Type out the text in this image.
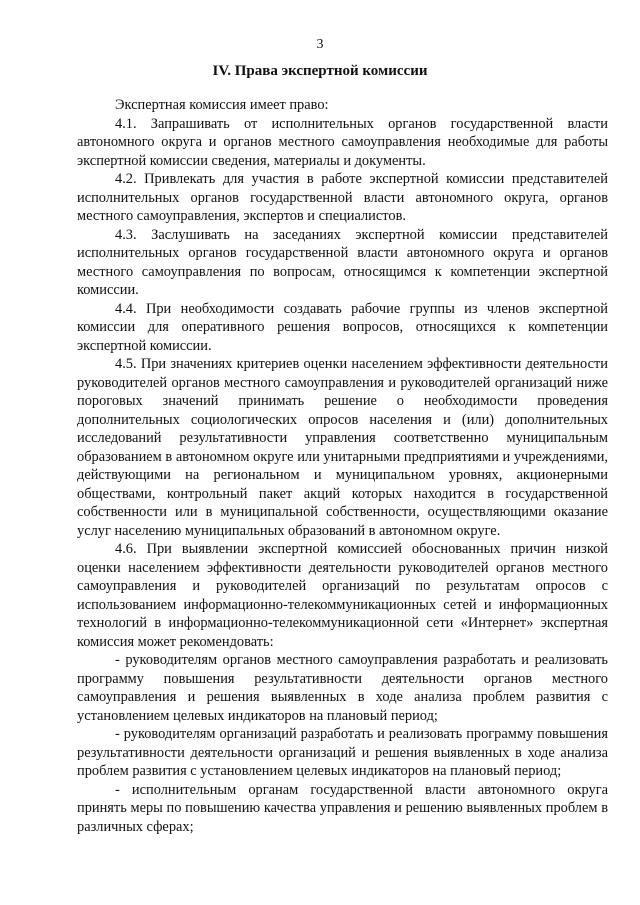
3
IV. Права экспертной комиссии

Экспертная комиссия имеет право:

4.1. Запрашивать от исполнительных органов государственной власти автономного округа и органов местного самоуправления необходимые для работы экспертной комиссии сведения, материалы и документы.

4.2. Привлекать для участия в работе экспертной комиссии представителей исполнительных органов государственной власти автономного округа, органов местного самоуправления, экспертов и специалистов.

4.3. Заслушивать на заседаниях экспертной комиссии представителей исполнительных органов государственной власти автономного округа и органов местного самоуправления по вопросам, относящимся к компетенции экспертной комиссии.

4.4. При необходимости создавать рабочие группы из членов экспертной комиссии для оперативного решения вопросов, относящихся к компетенции экспертной комиссии.

4.5. При значениях критериев оценки населением эффективности деятельности руководителей органов местного самоуправления и руководителей организаций ниже пороговых значений принимать решение о необходимости проведения дополнительных социологических опросов населения и (или) дополнительных исследований результативности управления соответственно муниципальным образованием в автономном округе или унитарными предприятиями и учреждениями, действующими на региональном и муниципальном уровнях, акционерными обществами, контрольный пакет акций которых находится в государственной собственности или в муниципальной собственности, осуществляющими оказание услуг населению муниципальных образований в автономном округе.

4.6. При выявлении экспертной комиссией обоснованных причин низкой оценки населением эффективности деятельности руководителей органов местного самоуправления и руководителей организаций по результатам опросов с использованием информационно-телекоммуникационных сетей и информационных технологий в информационно-телекоммуникационной сети «Интернет» экспертная комиссия может рекомендовать:

- руководителям органов местного самоуправления разработать и реализовать программу повышения результативности деятельности органов местного самоуправления и решения выявленных в ходе анализа проблем развития с установлением целевых индикаторов на плановый период;

- руководителям организаций разработать и реализовать программу повышения результативности деятельности организаций и решения выявленных в ходе анализа проблем развития с установлением целевых индикаторов на плановый период;

- исполнительным органам государственной власти автономного округа принять меры по повышению качества управления и решению выявленных проблем в различных сферах;
